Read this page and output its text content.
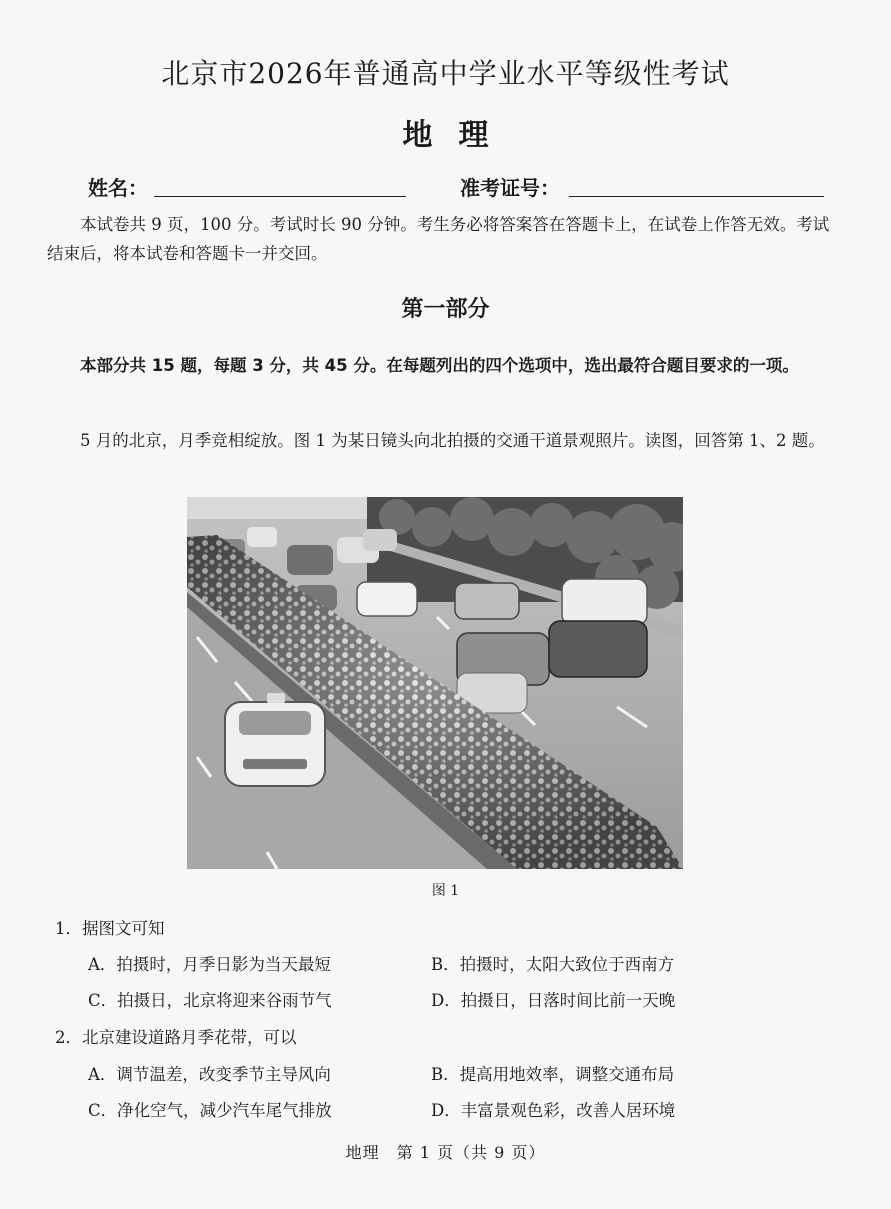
北京市2026年普通高中学业水平等级性考试
地理
姓名：	准考证号：
本试卷共 9 页，100 分。考试时长 90 分钟。考生务必将答案答在答题卡上，在试卷上作答无效。考试结束后，将本试卷和答题卡一并交回。
第一部分
本部分共 15 题，每题 3 分，共 45 分。在每题列出的四个选项中，选出最符合题目要求的一项。
5 月的北京，月季竞相绽放。图 1 为某日镜头向北拍摄的交通干道景观照片。读图，回答第 1、2 题。
图 1
1．据图文可知
A．拍摄时，月季日影为当天最短	B．拍摄时，太阳大致位于西南方
C．拍摄日，北京将迎来谷雨节气	D．拍摄日，日落时间比前一天晚
2．北京建设道路月季花带，可以
A．调节温差，改变季节主导风向	B．提高用地效率，调整交通布局
C．净化空气，减少汽车尾气排放	D．丰富景观色彩，改善人居环境
地理　第 1 页（共 9 页）
